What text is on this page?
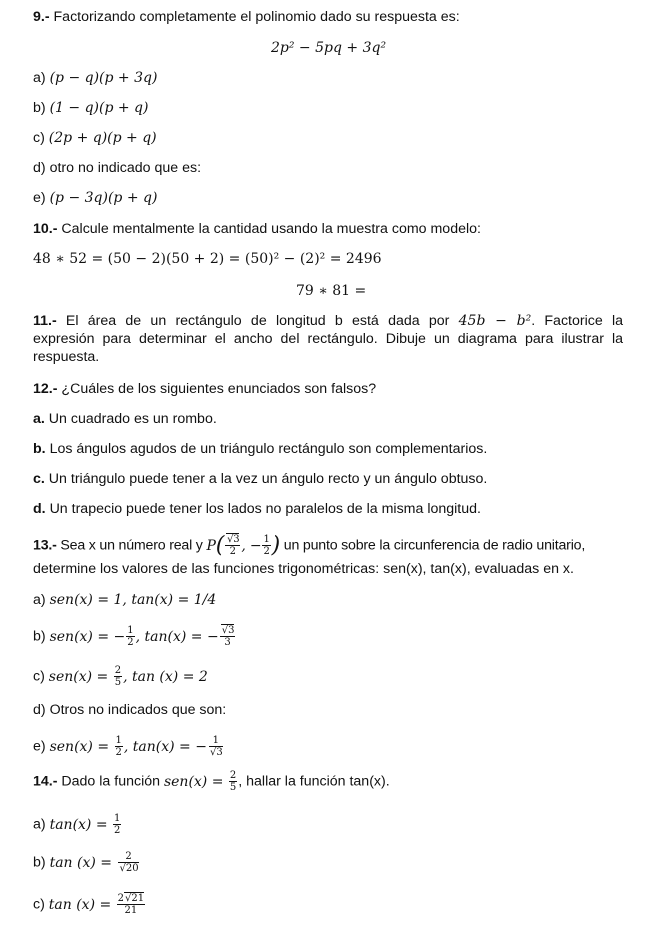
9.- Factorizando completamente el polinomio dado su respuesta es:
2p² − 5pq + 3q²
a) (p − q)(p + 3q)
b) (1 − q)(p + q)
c) (2p + q)(p + q)
d) otro no indicado que es:
e) (p − 3q)(p + q)
10.- Calcule mentalmente la cantidad usando la muestra como modelo:
48 ∗ 52 = (50 − 2)(50 + 2) = (50)² − (2)² = 2496
79 ∗ 81 =
11.- El área de un rectángulo de longitud b está dada por 45b − b². Factorice la
expresión para determinar el ancho del rectángulo. Dibuje un diagrama para ilustrar la
respuesta.
12.- ¿Cuáles de los siguientes enunciados son falsos?
a. Un cuadrado es un rombo.
b. Los ángulos agudos de un triángulo rectángulo son complementarios.
c. Un triángulo puede tener a la vez un ángulo recto y un ángulo obtuso.
d. Un trapecio puede tener los lados no paralelos de la misma longitud.
13.- Sea x un número real y $P( \frac{√3}{2}$ , − $\frac{1}{2}$ ) un punto sobre la circunferencia de radio unitario,
determine los valores de las funciones trigonométricas: sen(x), tan(x), evaluadas en x.
a) sen(x) = 1, tan(x) = 1/4
b) sen(x) = − $\frac{1}{2}$ , tan(x) = − $\frac{√3}{3}$
c) $sen(x) = \frac{2}{5}$ , tan (x) = 2
d) Otros no indicados que son:
e) $sen(x) = \frac{1}{2}$ , tan(x) = − $\frac{1}{√3}$
14.- Dado la función $sen(x) = \frac{2}{5}$ , hallar la función tan(x).
a) $\tan(x) = \frac{1}{2}$
b) $\tan (x) = \frac{2}{√20}$
c) $\tan (x) = \frac{2√21}{21}$
